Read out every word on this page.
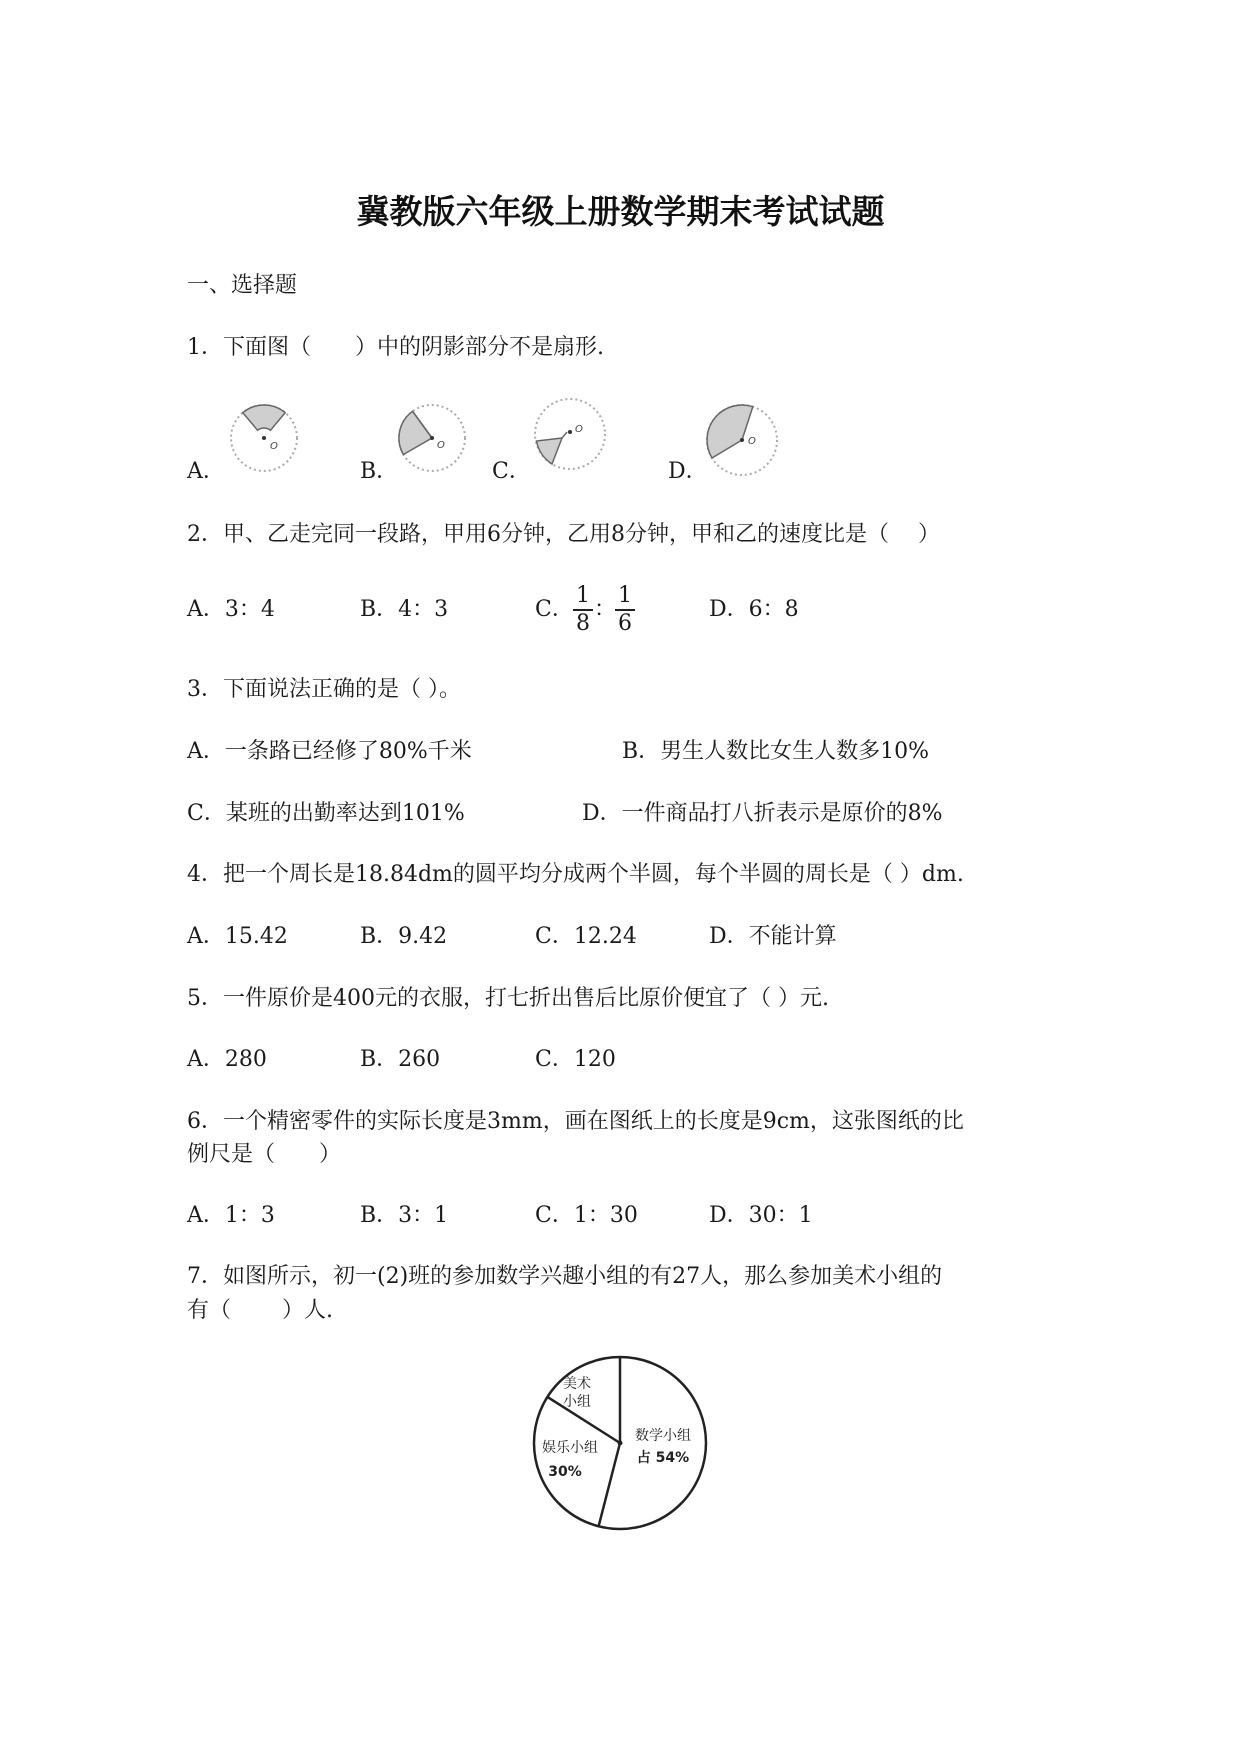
冀教版六年级上册数学期末考试试题
一、选择题
1．下面图（　　）中的阴影部分不是扇形.
A．	B．	C．	D．
O	O
O
O
2．甲、乙走完同一段路，甲用6分钟，乙用8分钟，甲和乙的速度比是（　 ）
A．3：4	B．4：3	C．
1
8
：
1
6
D．6：8
3．下面说法正确的是（ ）。
A．一条路已经修了80%千米	B．男生人数比女生人数多10%
C．某班的出勤率达到101%	D．一件商品打八折表示是原价的8%
4．把一个周长是18.84dm的圆平均分成两个半圆，每个半圆的周长是（ ）dm.
A．15.42	B．9.42	C．12.24	D．不能计算
5．一件原价是400元的衣服，打七折出售后比原价便宜了（ ）元.
A．280	B．260	C．120
6．一个精密零件的实际长度是3mm，画在图纸上的长度是9cm，这张图纸的比
例尺是（　　）
A．1：3	B．3：1	C．1：30	D．30：1
7．如图所示，初一(2)班的参加数学兴趣小组的有27人，那么参加美术小组的
有（　　 ）人.
美术
小组
娱乐小组
30%
数学小组
占 54%
